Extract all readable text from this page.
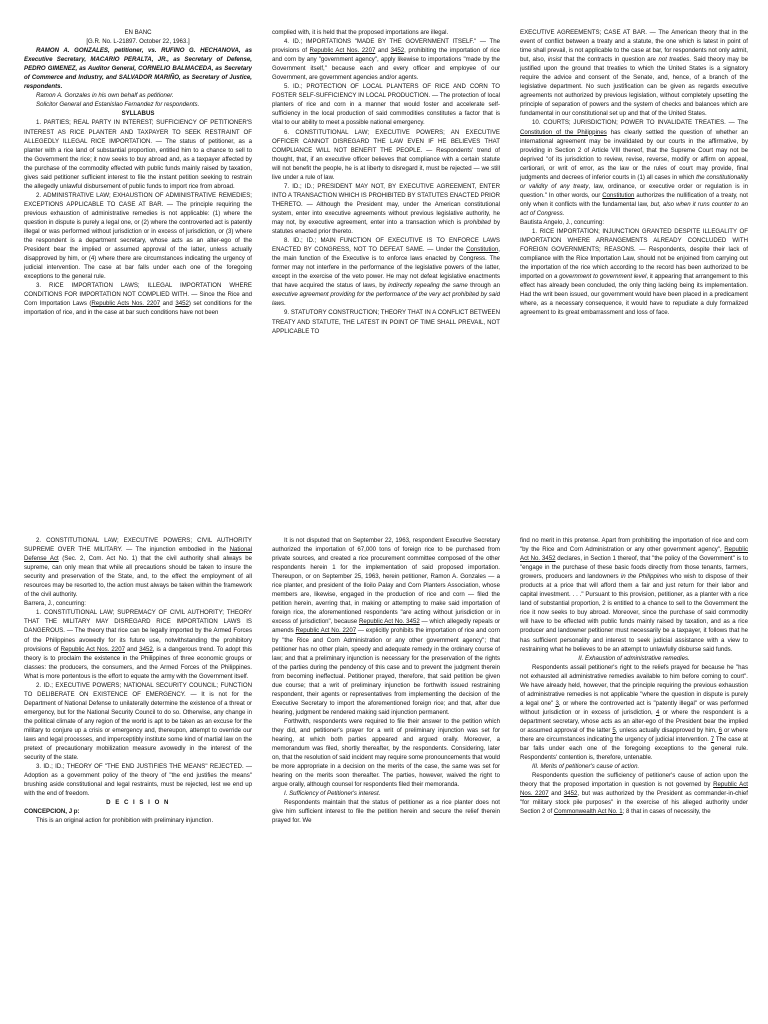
EN BANC

[G.R. No. L-21897. October 22, 1963.]

RAMON A. GONZALES, petitioner, vs. RUFINO G. HECHANOVA, as Executive Secretary, MACARIO PERALTA, JR., as Secretary of Defense, PEDRO GIMENEZ, as Auditor General, CORNELIO BALMACEDA, as Secretary of Commerce and Industry, and SALVADOR MARIÑO, as Secretary of Justice, respondents.

Ramon A. Gonzales in his own behalf as petitioner.

Solicitor General and Estanislao Fernandez for respondents.

SYLLABUS

1. PARTIES; REAL PARTY IN INTEREST; SUFFICIENCY OF PETITIONER'S INTEREST AS RICE PLANTER AND TAXPAYER TO SEEK RESTRAINT OF ALLEGEDLY ILLEGAL RICE IMPORTATION. — The status of petitioner, as a planter with a rice land of substantial proportion, entitled him to a chance to sell to the Government the rice; it now seeks to buy abroad and, as a taxpayer affected by the purchase of the commodity effected with public funds mainly raised by taxation, gives said petitioner sufficient interest to file the instant petition seeking to restrain the allegedly unlawful disbursement of public funds to import rice from abroad.

2. ADMINISTRATIVE LAW; EXHAUSTION OF ADMINISTRATIVE REMEDIES; EXCEPTIONS APPLICABLE TO CASE AT BAR. — The principle requiring the previous exhaustion of administrative remedies is not applicable: (1) where the question in dispute is purely a legal one, or (2) where the controverted act is patently illegal or was performed without jurisdiction or in excess of jurisdiction, or (3) where the respondent is a department secretary, whose acts as an alter-ego of the President bear the implied or assumed approval of the latter, unless actually disapproved by him, or (4) where there are circumstances indicating the urgency of judicial intervention. The case at bar falls under each one of the foregoing exceptions to the general rule.

3. RICE IMPORTATION LAWS; ILLEGAL IMPORTATION WHERE CONDITIONS FOR IMPORTATION NOT COMPLIED WITH. — Since the Rice and Corn Importation Laws (Republic Acts Nos. 2207 and 3452) set conditions for the importation of rice, and in the case at bar such conditions have not been

complied with, it is held that the proposed importations are illegal.

4. ID.; IMPORTATIONS "MADE BY THE GOVERNMENT ITSELF." — The provisions of Republic Act Nos. 2207 and 3452, prohibiting the importation of rice and corn by any "government agency", apply likewise to importations "made by the Government itself," because each and every officer and employee of our Government, are government agencies and/or agents.

5. ID.; PROTECTION OF LOCAL PLANTERS OF RICE AND CORN TO FOSTER SELF-SUFFICIENCY IN LOCAL PRODUCTION. — The protection of local planters of rice and corn in a manner that would foster and accelerate self-sufficiency in the local production of said commodities constitutes a factor that is vital to our ability to meet a possible national emergency.

6. CONSTITUTIONAL LAW; EXECUTIVE POWERS; AN EXECUTIVE OFFICER CANNOT DISREGARD THE LAW EVEN IF HE BELIEVES THAT COMPLIANCE WILL NOT BENEFIT THE PEOPLE. — Respondents' trend of thought, that, if an executive officer believes that compliance with a certain statute will not benefit the people, he is at liberty to disregard it, must be rejected — we still live under a rule of law.

7. ID.; ID.; PRESIDENT MAY NOT, BY EXECUTIVE AGREEMENT, ENTER INTO A TRANSACTION WHICH IS PROHIBITED BY STATUTES ENACTED PRIOR THERETO. — Although the President may, under the American constitutional system, enter into executive agreements without previous legislative authority, he may not, by executive agreement, enter into a transaction which is prohibited by statutes enacted prior thereto.

8. ID.; ID.; MAIN FUNCTION OF EXECUTIVE IS TO ENFORCE LAWS ENACTED BY CONGRESS, NOT TO DEFEAT SAME. — Under the Constitution, the main function of the Executive is to enforce laws enacted by Congress. The former may not interfere in the performance of the legislative powers of the latter, except in the exercise of the veto power. He may not defeat legislative enactments that have acquired the status of laws, by indirectly repealing the same through an executive agreement providing for the performance of the very act prohibited by said laws.

9. STATUTORY CONSTRUCTION; THEORY THAT IN A CONFLICT BETWEEN TREATY AND STATUTE, THE LATEST IN POINT OF TIME SHALL PREVAIL, NOT APPLICABLE TO

EXECUTIVE AGREEMENTS; CASE AT BAR. — The American theory that in the event of conflict between a treaty and a statute, the one which is latest in point of time shall prevail, is not applicable to the case at bar, for respondents not only admit, but, also, insist that the contracts in question are not treaties. Said theory may be justified upon the ground that treaties to which the United States is a signatory require the advice and consent of the Senate, and, hence, of a branch of the legislative department. No such justification can be given as regards executive agreements not authorized by previous legislation, without completely upsetting the principle of separation of powers and the system of checks and balances which are fundamental in our constitutional set up and that of the United States.

10. COURTS; JURISDICTION; POWER TO INVALIDATE TREATIES. — The Constitution of the Philippines has clearly settled the question of whether an international agreement may be invalidated by our courts in the affirmative, by providing in Section 2 of Article VIII thereof, that the Supreme Court may not be deprived "of its jurisdiction to review, revise, reverse, modify or affirm on appeal, certiorari, or writ of error, as the law or the rules of court may provide, final judgments and decrees of inferior courts in (1) all cases in which the constitutionality or validity of any treaty, law, ordinance, or executive order or regulation is in question." In other words, our Constitution authorizes the nullification of a treaty, not only when it conflicts with the fundamental law, but, also when it runs counter to an act of Congress.

Bautista Angelo, J., concurring:

1. RICE IMPORTATION; INJUNCTION GRANTED DESPITE ILLEGALITY OF IMPORTATION WHERE ARRANGEMENTS ALREADY CONCLUDED WITH FOREIGN GOVERNMENTS; REASONS. — Respondents, despite their lack of compliance with the Rice Importation Law, should not be enjoined from carrying out the importation of the rice which according to the record has been authorized to be imported on a government to government level, it appearing that arrangement to this effect has already been concluded, the only thing lacking being its implementation. Had the writ been issued, our government would have been placed in a predicament where, as a necessary consequence, it would have to repudiate a duly formalized agreement to its great embarrassment and loss of face.

2. CONSTITUTIONAL LAW; EXECUTIVE POWERS; CIVIL AUTHORITY SUPREME OVER THE MILITARY. — The injunction embodied in the National Defense Act (Sec. 2, Com. Act No. 1) that the civil authority shall always be supreme, can only mean that while all precautions should be taken to insure the security and preservation of the State, and, to the effect the employment of all resources may be resorted to, the action must always be taken within the framework of the civil authority.

Barrera, J., concurring:

1. CONSTITUTIONAL LAW; SUPREMACY OF CIVIL AUTHORITY; THEORY THAT THE MILITARY MAY DISREGARD RICE IMPORTATION LAWS IS DANGEROUS. — The theory that rice can be legally imported by the Armed Forces of the Philippines avowedly for its future use, notwithstanding the prohibitory provisions of Republic Act Nos. 2207 and 3452, is a dangerous trend. To adopt this theory is to proclaim the existence in the Philippines of three economic groups or classes: the producers, the consumers, and the Armed Forces of the Philippines. What is more portentous is the effort to equate the army with the Government itself.

2. ID.; EXECUTIVE POWERS; NATIONAL SECURITY COUNCIL; FUNCTION TO DELIBERATE ON EXISTENCE OF EMERGENCY. — It is not for the Department of National Defense to unilaterally determine the existence of a threat or emergency, but for the National Security Council to do so. Otherwise, any change in the political climate of any region of the world is apt to be taken as an excuse for the military to conjure up a crisis or emergency and, thereupon, attempt to override our laws and legal processes, and imperceptibly institute some kind of martial law on the pretext of precautionary mobilization measure avowedly in the interest of the security of the state.

3. ID.; ID.; THEORY OF "THE END JUSTIFIES THE MEANS" REJECTED. — Adoption as a government policy of the theory of "the end justifies the means" brushing aside constitutional and legal restraints, must be rejected, lest we end up with the end of freedom.

D E C I S I O N

CONCEPCION, J p:

This is an original action for prohibition with preliminary injunction.

It is not disputed that on September 22, 1963, respondent Executive Secretary authorized the importation of 67,000 tons of foreign rice to be purchased from private sources, and created a rice procurement committee composed of the other respondents herein 1 for the implementation of said proposed importation. Thereupon, or on September 25, 1963, herein petitioner, Ramon A. Gonzales — a rice planter, and president of the Iloilo Palay and Corn Planters Association, whose members are, likewise, engaged in the production of rice and corn — filed the petition herein, averring that, in making or attempting to make said importation of foreign rice, the aforementioned respondents "are acting without jurisdiction or in excess of jurisdiction", because Republic Act No. 3452 — which allegedly repeals or amends Republic Act No. 2207 — explicitly prohibits the importation of rice and corn by "the Rice and Corn Administration or any other government agency"; that petitioner has no other plain, speedy and adequate remedy in the ordinary course of law; and that a preliminary injunction is necessary for the preservation of the rights of the parties during the pendency of this case and to prevent the judgment therein from becoming ineffectual. Petitioner prayed, therefore, that said petition be given due course; that a writ of preliminary injunction be forthwith issued restraining respondent, their agents or representatives from implementing the decision of the Executive Secretary to import the aforementioned foreign rice; and that, after due hearing, judgment be rendered making said injunction permanent.

Forthwith, respondents were required to file their answer to the petition which they did, and petitioner's prayer for a writ of preliminary injunction was set for hearing, at which both parties appeared and argued orally. Moreover, a memorandum was filed, shortly thereafter, by the respondents. Considering, later on, that the resolution of said incident may require some pronouncements that would be more appropriate in a decision on the merits of the case, the same was set for hearing on the merits soon thereafter. The parties, however, waived the right to argue orally, although counsel for respondents filed their memoranda.

I. Sufficiency of Petitioner's interest.

Respondents maintain that the status of petitioner as a rice planter does not give him sufficient interest to file the petition herein and secure the relief therein prayed for. We

find no merit in this pretense. Apart from prohibiting the importation of rice and corn "by the Rice and Corn Administration or any other government agency", Republic Act No. 3452 declares, in Section 1 thereof, that "the policy of the Government" is to "engage in the purchase of these basic foods directly from those tenants, farmers, growers, producers and landowners in the Philippines who wish to dispose of their products at a price that will afford them a fair and just return for their labor and capital investment. . . ." Pursuant to this provision, petitioner, as a planter with a rice land of substantial proportion, 2 is entitled to a chance to sell to the Government the rice it now seeks to buy abroad. Moreover, since the purchase of said commodity will have to be effected with public funds mainly raised by taxation, and as a rice producer and landowner petitioner must necessarily be a taxpayer, it follows that he has sufficient personality and interest to seek judicial assistance with a view to restraining what he believes to be an attempt to unlawfully disburse said funds.

II. Exhaustion of administrative remedies.

Respondents assail petitioner's right to the reliefs prayed for because he "has not exhausted all administrative remedies available to him before coming to court". We have already held, however, that the principle requiring the previous exhaustion of administrative remedies is not applicable "where the question in dispute is purely a legal one" 3, or where the controverted act is "patently illegal" or was performed without jurisdiction or in excess of jurisdiction, 4 or where the respondent is a department secretary, whose acts as an alter-ego of the President bear the implied or assumed approval of the latter 5, unless actually disapproved by him, 6 or where there are circumstances indicating the urgency of judicial intervention. 7 The case at bar falls under each one of the foregoing exceptions to the general rule. Respondents' contention is, therefore, untenable.

III. Merits of petitioner's cause of action.

Respondents question the sufficiency of petitioner's cause of action upon the theory that the proposed importation in question is not governed by Republic Act Nos. 2207 and 3452, but was authorized by the President as commander-in-chief "for military stock pile purposes" in the exercise of his alleged authority under Section 2 of Commonwealth Act No. 1; 8 that in cases of necessity, the
